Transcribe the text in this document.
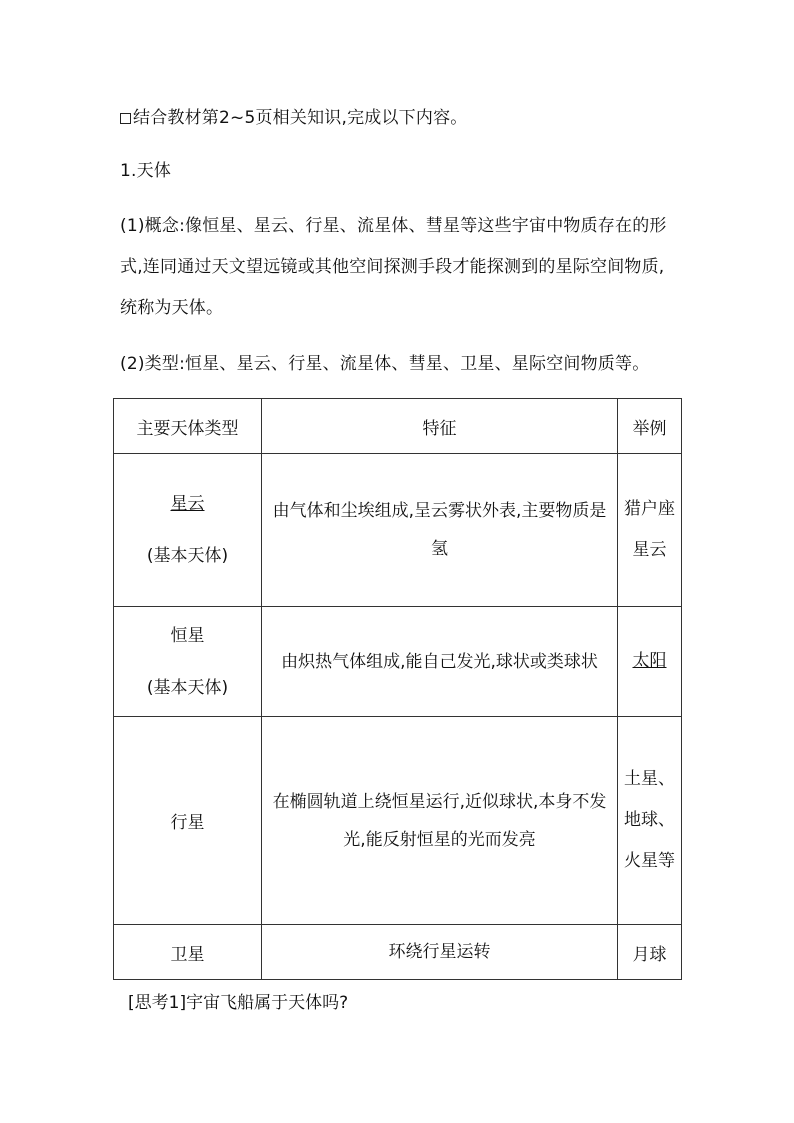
结合教材第2~5页相关知识,完成以下内容。

1.天体

(1)概念:像恒星、星云、行星、流星体、彗星等这些宇宙中物质存在的形式,连同通过天文望远镜或其他空间探测手段才能探测到的星际空间物质,统称为天体。

(2)类型:恒星、星云、行星、流星体、彗星、卫星、星际空间物质等。

主要天体类型	特征	举例

星云
(基本天体)	由气体和尘埃组成,呈云雾状外表,主要物质是氢	猎户座星云

恒星
(基本天体)	由炽热气体组成,能自己发光,球状或类球状	太阳

行星	在椭圆轨道上绕恒星运行,近似球状,本身不发光,能反射恒星的光而发亮	土星、地球、火星等

卫星	环绕行星运转	月球
[思考1]宇宙飞船属于天体吗?
